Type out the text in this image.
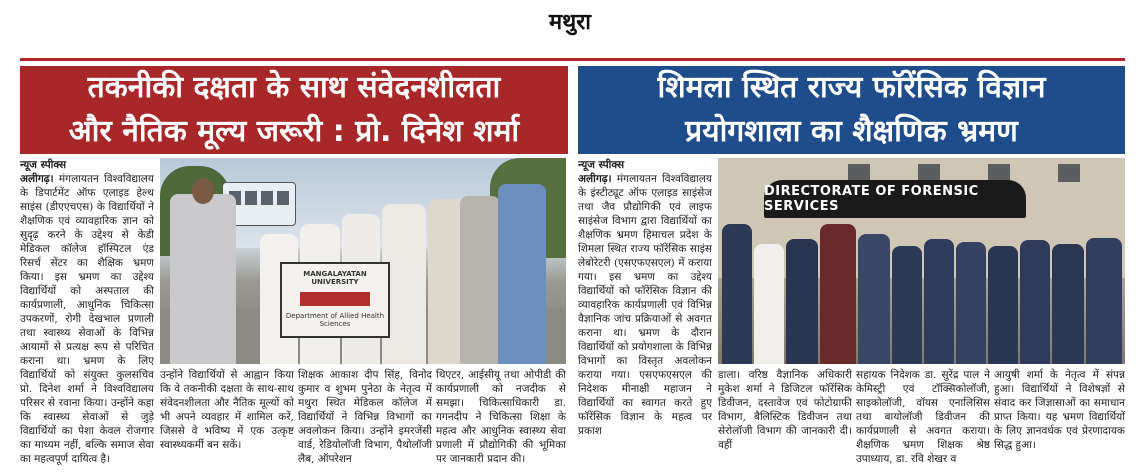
मथुरा
तकनीकी दक्षता के साथ संवेदनशीलता
और नैतिक मूल्य जरूरी : प्रो. दिनेश शर्मा
न्यूज स्पीक्स

अलीगढ़। मंगलायतन विश्वविद्यालय के डिपार्टमेंट ऑफ एलाइड हेल्थ साइंस (डीएएचएस) के विद्यार्थियों ने शैक्षणिक एवं व्यावहारिक ज्ञान को सुदृढ़ करने के उद्देश्य से केडी मेडिकल कॉलेज हॉस्पिटल एंड रिसर्च सेंटर का शैक्षिक भ्रमण किया। इस भ्रमण का उद्देश्य विद्यार्थियों को अस्पताल की कार्यप्रणाली, आधुनिक चिकित्सा उपकरणों, रोगी देखभाल प्रणाली तथा स्वास्थ्य सेवाओं के विभिन्न आयामों से प्रत्यक्ष रूप से परिचित कराना था। भ्रमण के लिए विद्यार्थियों को संयुक्त कुलसचिव प्रो. दिनेश शर्मा ने विश्वविद्यालय परिसर से रवाना किया। उन्होंने कहा कि स्वास्थ्य सेवाओं से जुड़े विद्यार्थियों का पेशा केवल रोजगार का माध्यम नहीं, बल्कि समाज सेवा का महत्वपूर्ण दायित्व है।

MANGALAYATAN UNIVERSITY
Department of Allied Health Sciences

उन्होंने विद्यार्थियों से आह्वान किया कि वे तकनीकी दक्षता के साथ-साथ संवेदनशीलता और नैतिक मूल्यों को भी अपने व्यवहार में शामिल करें, जिससे वे भविष्य में एक उत्कृष्ट स्वास्थ्यकर्मी बन सकें।

शिक्षक आकाश दीप सिंह, विनोद कुमार व शुभम पुनेठा के नेतृत्व में मथुरा स्थित मेडिकल कॉलेज में विद्यार्थियों ने विभिन्न विभागों का अवलोकन किया। उन्होंने इमरजेंसी वार्ड, रेडियोलॉजी विभाग, पैथोलॉजी लैब, ऑपरेशन

थिएटर, आईसीयू तथा ओपीडी की कार्यप्रणाली को नजदीक से समझा। चिकित्साधिकारी डा. गगनदीप ने चिकित्सा शिक्षा के महत्व और आधुनिक स्वास्थ्य सेवा प्रणाली में प्रौद्योगिकी की भूमिका पर जानकारी प्रदान की।

शिमला स्थित राज्य फॉरेंसिक विज्ञान
प्रयोगशाला का शैक्षणिक भ्रमण
न्यूज स्पीक्स

अलीगढ़। मंगलायतन विश्वविद्यालय के इंस्टीट्यूट ऑफ एलाइड साइंसेज तथा जैव प्रौद्योगिकी एवं लाइफ साइंसेज विभाग द्वारा विद्यार्थियों का शैक्षणिक भ्रमण हिमाचल प्रदेश के शिमला स्थित राज्य फॉरेंसिक साइंस लेबोरेटरी (एसएफएसएल) में कराया गया। इस भ्रमण का उद्देश्य विद्यार्थियों को फॉरेंसिक विज्ञान की व्यावहारिक कार्यप्रणाली एवं विभिन्न वैज्ञानिक जांच प्रक्रियाओं से अवगत कराना था। भ्रमण के दौरान विद्यार्थियों को प्रयोगशाला के विभिन्न विभागों का विस्तृत अवलोकन कराया गया। एसएफएसएल की निदेशक मीनाक्षी महाजन ने विद्यार्थियों का स्वागत करते हुए फॉरेंसिक विज्ञान के महत्व पर प्रकाश

DIRECTORATE OF FORENSIC SERVICES

डाला। वरिष्ठ वैज्ञानिक अधिकारी मुकेश शर्मा ने डिजिटल फॉरेंसिक डिवीजन, दस्तावेज एवं फोटोग्राफी विभाग, बैलिस्टिक डिवीजन तथा सेरोलॉजी विभाग की जानकारी दी। वहीं

सहायक निदेशक डा. सुरेंद्र पाल ने केमिस्ट्री एवं टॉक्सिकोलॉजी, साइकोलॉजी, वॉयस एनालिसिस तथा बायोलॉजी डिवीजन की कार्यप्रणाली से अवगत कराया। शैक्षणिक भ्रमण शिक्षक श्रेष्ठ उपाध्याय, डा. रवि शेखर व

आयुषी शर्मा के नेतृत्व में संपन्न हुआ। विद्यार्थियों ने विशेषज्ञों से संवाद कर जिज्ञासाओं का समाधान प्राप्त किया। यह भ्रमण विद्यार्थियों के लिए ज्ञानवर्धक एवं प्रेरणादायक सिद्ध हुआ।
